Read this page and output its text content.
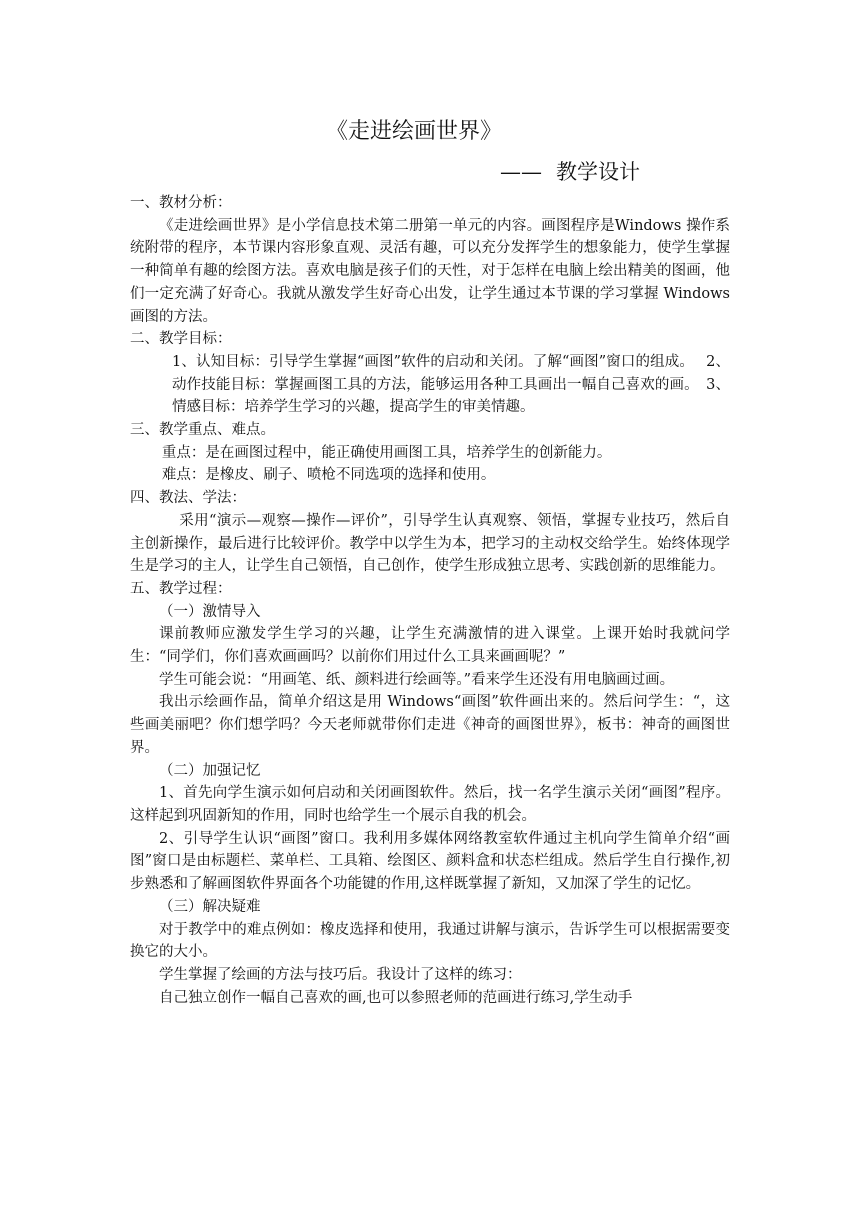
《走进绘画世界》
—— 教学设计

一、教材分析：

《走进绘画世界》是小学信息技术第二册第一单元的内容。画图程序是Windows 操作系统附带的程序，本节课内容形象直观、灵活有趣，可以充分发挥学生的想象能力，使学生掌握一种简单有趣的绘图方法。喜欢电脑是孩子们的天性，对于怎样在电脑上绘出精美的图画，他们一定充满了好奇心。我就从激发学生好奇心出发，让学生通过本节课的学习掌握 Windows 画图的方法。

二、教学目标：

1、认知目标：引导学生掌握“画图”软件的启动和关闭。了解“画图”窗口的组成。　 2、动作技能目标：掌握画图工具的方法，能够运用各种工具画出一幅自己喜欢的画。　3、情感目标：培养学生学习的兴趣，提高学生的审美情趣。

三、教学重点、难点。

重点：是在画图过程中，能正确使用画图工具，培养学生的创新能力。

难点：是橡皮、刷子、喷枪不同选项的选择和使用。

四、教法、学法：

采用“演示—观察—操作—评价”，引导学生认真观察、领悟，掌握专业技巧，然后自主创新操作，最后进行比较评价。教学中以学生为本，把学习的主动权交给学生。始终体现学生是学习的主人，让学生自己领悟，自己创作，使学生形成独立思考、实践创新的思维能力。

五、教学过程：

（一）激情导入

课前教师应激发学生学习的兴趣，让学生充满激情的进入课堂。上课开始时我就问学生：“同学们，你们喜欢画画吗？以前你们用过什么工具来画画呢？”

学生可能会说：“用画笔、纸、颜料进行绘画等。”看来学生还没有用电脑画过画。

我出示绘画作品，简单介绍这是用 Windows“画图”软件画出来的。然后问学生：“，这些画美丽吧？你们想学吗？今天老师就带你们走进《神奇的画图世界》，板书：神奇的画图世界。

（二）加强记忆

1、首先向学生演示如何启动和关闭画图软件。然后，找一名学生演示关闭“画图”程序。这样起到巩固新知的作用，同时也给学生一个展示自我的机会。

2、引导学生认识“画图”窗口。我利用多媒体网络教室软件通过主机向学生简单介绍“画图”窗口是由标题栏、菜单栏、工具箱、绘图区、颜料盒和状态栏组成。然后学生自行操作,初步熟悉和了解画图软件界面各个功能键的作用,这样既掌握了新知，又加深了学生的记忆。

（三）解决疑难

对于教学中的难点例如：橡皮选择和使用，我通过讲解与演示，告诉学生可以根据需要变换它的大小。

学生掌握了绘画的方法与技巧后。我设计了这样的练习：

自己独立创作一幅自己喜欢的画,也可以参照老师的范画进行练习,学生动手
